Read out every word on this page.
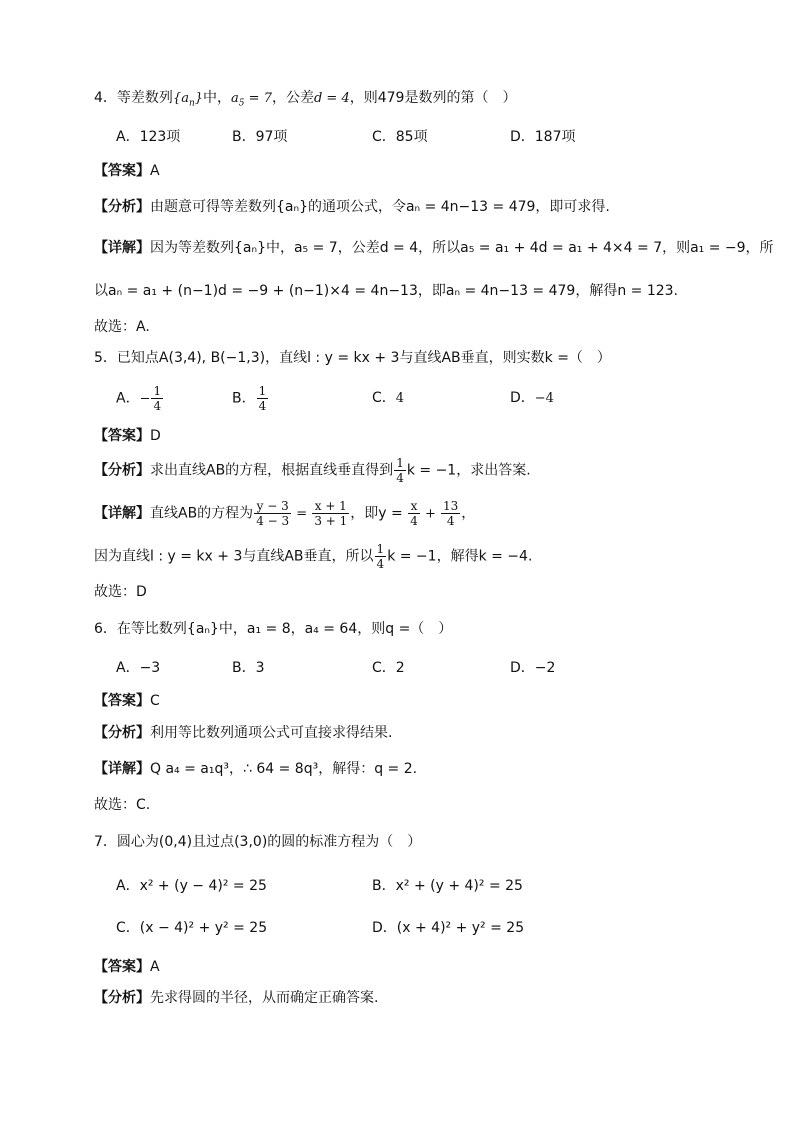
4．等差数列$\{a_n\}$中，$a_5 = 7$，公差d = 4，则479是数列的第（　）
A．123项	B．97项	C．85项	D．187项
【答案】A
【分析】由题意可得等差数列{aₙ}的通项公式，令aₙ = 4n−13 = 479，即可求得.
【详解】因为等差数列{aₙ}中，a₅ = 7，公差d = 4，所以a₅ = a₁ + 4d = a₁ + 4×4 = 7，则a₁ = −9，所
以aₙ = a₁ + (n−1)d = −9 + (n−1)×4 = 4n−13，即aₙ = 4n−13 = 479，解得n = 123.
故选：A.
5．已知点A(3,4), B(−1,3)，直线l : y = kx + 3与直线AB垂直，则实数k =（　）
A．− $\frac{1}{4}$	B． $\frac{1}{4}$	C．4	D．−4
【答案】D
【分析】求出直线AB的方程，根据直线垂直得到 $\frac{1}{4}$ k = −1，求出答案.
【详解】直线AB的方程为 $\frac{y - 3}{4 - 3} = \frac{x + 1}{3 + 1}$ ，即$y = \frac{x}{4} + \frac{13}{4}$ ，
因为直线l : y = kx + 3与直线AB垂直，所以 $\frac{1}{4}$ k = −1，解得k = −4.
故选：D
6．在等比数列{aₙ}中，a₁ = 8，a₄ = 64，则q =（　）
A．−3	B．3	C．2	D．−2
【答案】C
【分析】利用等比数列通项公式可直接求得结果.
【详解】Q a₄ = a₁q³，∴ 64 = 8q³，解得：q = 2.
故选：C.
7．圆心为(0,4)且过点(3,0)的圆的标准方程为（　）
A．x² + (y − 4)² = 25	B．x² + (y + 4)² = 25
C．(x − 4)² + y² = 25	D．(x + 4)² + y² = 25
【答案】A
【分析】先求得圆的半径，从而确定正确答案.
